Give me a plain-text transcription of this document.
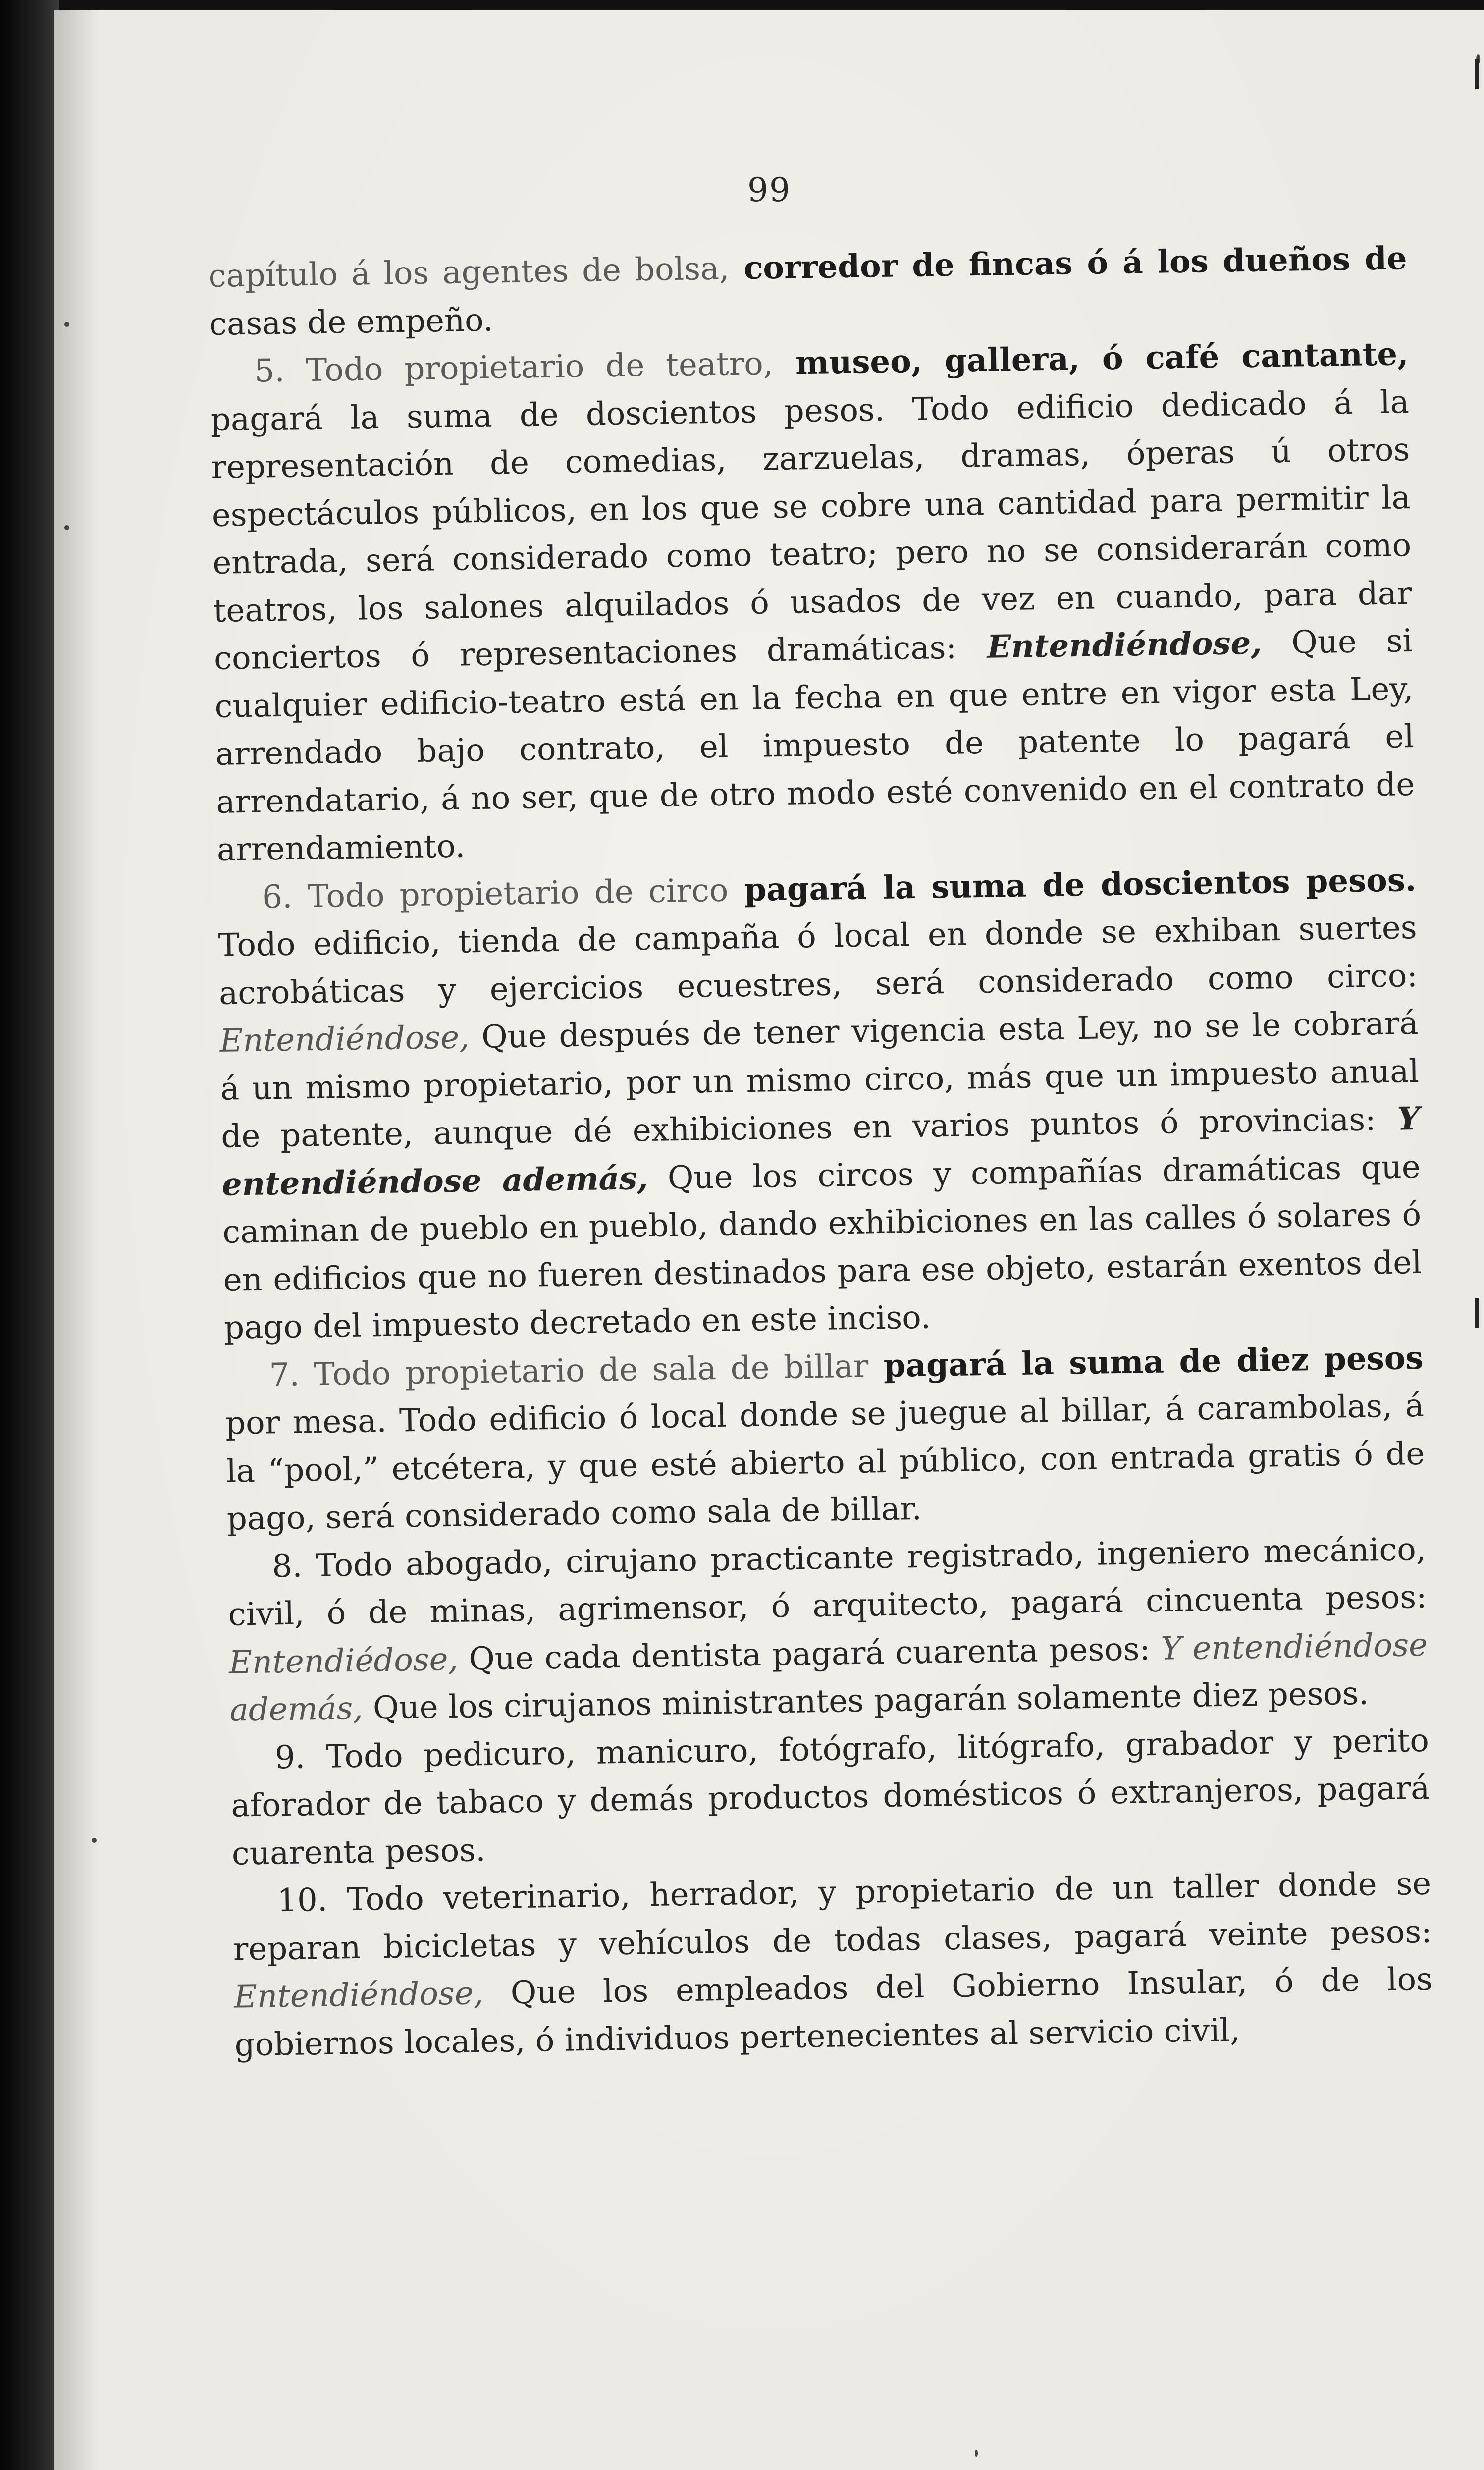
99

capítulo á los agentes de bolsa, corredor de fincas ó á los dueños de casas de empeño.

5. Todo propietario de teatro, museo, gallera, ó café cantante, pagará la suma de doscientos pesos. Todo edificio dedicado á la representación de comedias, zarzuelas, dramas, óperas ú otros espectáculos públicos, en los que se cobre una cantidad para permitir la entrada, será considerado como teatro; pero no se considerarán como teatros, los salones alquilados ó usados de vez en cuando, para dar conciertos ó representaciones dramáticas: Entendiéndose, Que si cualquier edificio-teatro está en la fecha en que entre en vigor esta Ley, arrendado bajo contrato, el impuesto de patente lo pagará el arrendatario, á no ser, que de otro modo esté convenido en el contrato de arrendamiento.

6. Todo propietario de circo pagará la suma de doscientos pesos. Todo edificio, tienda de campaña ó local en donde se exhiban suertes acrobáticas y ejercicios ecuestres, será considerado como circo: Entendiéndose, Que después de tener vigencia esta Ley, no se le cobrará á un mismo propietario, por un mismo circo, más que un impuesto anual de patente, aunque dé exhibiciones en varios puntos ó provincias: Y entendiéndose además, Que los circos y compañías dramáticas que caminan de pueblo en pueblo, dando exhibiciones en las calles ó solares ó en edificios que no fueren destinados para ese objeto, estarán exentos del pago del impuesto decretado en este inciso.

7. Todo propietario de sala de billar pagará la suma de diez pesos por mesa. Todo edificio ó local donde se juegue al billar, á carambolas, á la “pool,” etcétera, y que esté abierto al público, con entrada gratis ó de pago, será considerado como sala de billar.

8. Todo abogado, cirujano practicante registrado, ingeniero mecánico, civil, ó de minas, agrimensor, ó arquitecto, pagará cincuenta pesos: Entendiédose, Que cada dentista pagará cuarenta pesos: Y entendiéndose además, Que los cirujanos ministrantes pagarán solamente diez pesos.

9. Todo pedicuro, manicuro, fotógrafo, litógrafo, grabador y perito aforador de tabaco y demás productos domésticos ó extranjeros, pagará cuarenta pesos.

10. Todo veterinario, herrador, y propietario de un taller donde se reparan bicicletas y vehículos de todas clases, pagará veinte pesos: Entendiéndose, Que los empleados del Gobierno Insular, ó de los gobiernos locales, ó individuos pertenecientes al servicio civil,
